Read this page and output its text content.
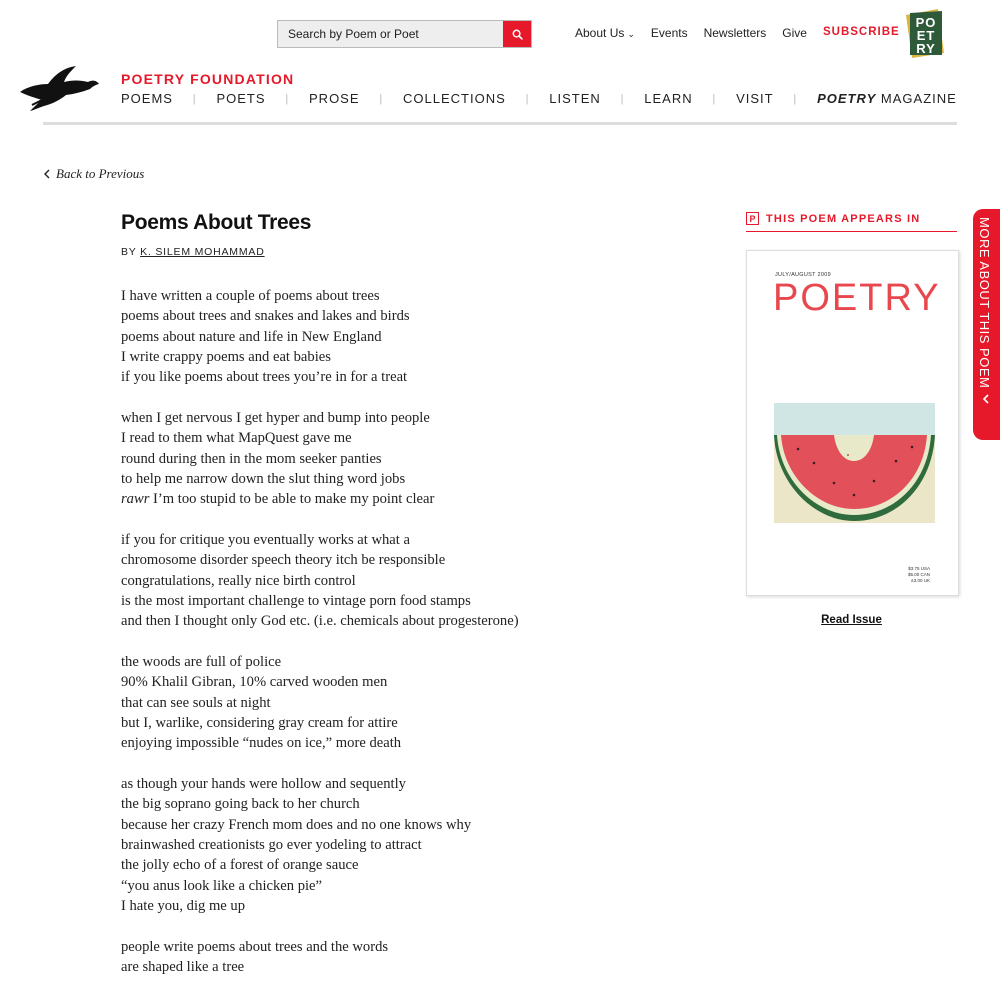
Search by Poem or Poet
About Us ⌄ Events Newsletters Give SUBSCRIBE
PO
ET
RY
POETRY FOUNDATION
POEMS | POETS | PROSE | COLLECTIONS | LISTEN | LEARN | VISIT | POETRY MAGAZINE
Back to Previous
Poems About Trees
BY K. SILEM MOHAMMAD
I have written a couple of poems about trees
poems about trees and snakes and lakes and birds
poems about nature and life in New England
I write crappy poems and eat babies
if you like poems about trees you’re in for a treat
when I get nervous I get hyper and bump into people
I read to them what MapQuest gave me
round during then in the mom seeker panties
to help me narrow down the slut thing word jobs
rawr I’m too stupid to be able to make my point clear
if you for critique you eventually works at what a
chromosome disorder speech theory itch be responsible
congratulations, really nice birth control
is the most important challenge to vintage porn food stamps
and then I thought only God etc. (i.e. chemicals about progesterone)
the woods are full of police
90% Khalil Gibran, 10% carved wooden men
that can see souls at night
but I, warlike, considering gray cream for attire
enjoying impossible “nudes on ice,” more death
as though your hands were hollow and sequently
the big soprano going back to her church
because her crazy French mom does and no one knows why
brainwashed creationists go ever yodeling to attract
the jolly echo of a forest of orange sauce
“you anus look like a chicken pie”
I hate you, dig me up
people write poems about trees and the words
are shaped like a tree
P THIS POEM APPEARS IN
JULY/AUGUST 2009
POETRY
$3.75 USA
$5.00 CAN
£3.00 UK
Read Issue
MORE ABOUT THIS POEM
